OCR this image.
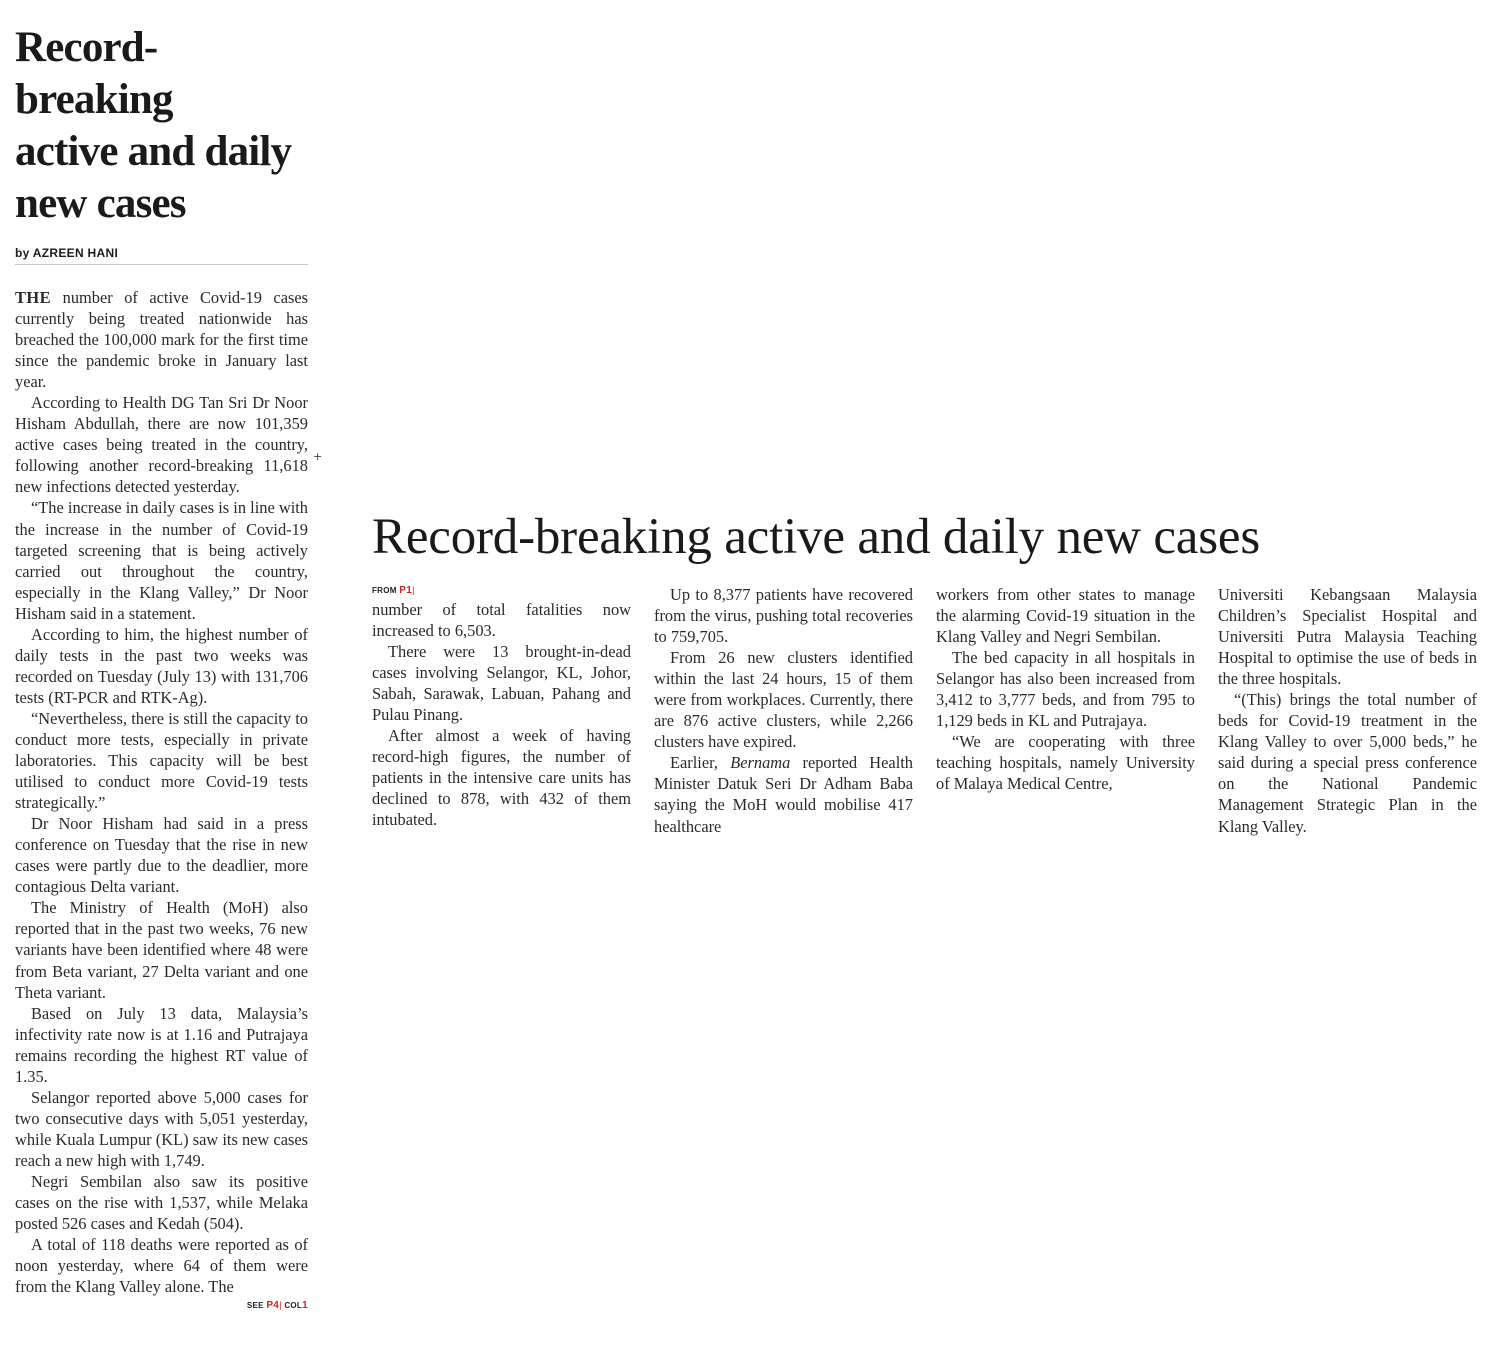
Record-breaking
active and daily
new cases
by AZREEN HANI

THE number of active Covid-19 cases currently being treated nationwide has breached the 100,000 mark for the first time since the pandemic broke in January last year.

According to Health DG Tan Sri Dr Noor Hisham Abdullah, there are now 101,359 active cases being treated in the country, following another record-breaking 11,618 new infections detected yesterday.

“The increase in daily cases is in line with the increase in the number of Covid-19 targeted screening that is being actively carried out throughout the country, especially in the Klang Valley,” Dr Noor Hisham said in a statement.

According to him, the highest number of daily tests in the past two weeks was recorded on Tuesday (July 13) with 131,706 tests (RT-PCR and RTK-Ag).

“Nevertheless, there is still the capacity to conduct more tests, especially in private laboratories. This capacity will be best utilised to conduct more Covid-19 tests strategically.”

Dr Noor Hisham had said in a press conference on Tuesday that the rise in new cases were partly due to the deadlier, more contagious Delta variant.

The Ministry of Health (MoH) also reported that in the past two weeks, 76 new variants have been identified where 48 were from Beta variant, 27 Delta variant and one Theta variant.

Based on July 13 data, Malaysia’s infectivity rate now is at 1.16 and Putrajaya remains recording the highest RT value of 1.35.

Selangor reported above 5,000 cases for two consecutive days with 5,051 yesterday, while Kuala Lumpur (KL) saw its new cases reach a new high with 1,749.

Negri Sembilan also saw its positive cases on the rise with 1,537, while Melaka posted 526 cases and Kedah (504).

A total of 118 deaths were reported as of noon yesterday, where 64 of them were from the Klang Valley alone. The

SEE P4| COL1
+
Record-breaking active and daily new cases
FROM P1|

number of total fatalities now increased to 6,503.

There were 13 brought-in-dead cases involving Selangor, KL, Johor, Sabah, Sarawak, Labuan, Pahang and Pulau Pinang.

After almost a week of having record-high figures, the number of patients in the intensive care units has declined to 878, with 432 of them intubated.

Up to 8,377 patients have recovered from the virus, pushing total recoveries to 759,705.

From 26 new clusters identified within the last 24 hours, 15 of them were from workplaces. Currently, there are 876 active clusters, while 2,266 clusters have expired.

Earlier, Bernama reported Health Minister Datuk Seri Dr Adham Baba saying the MoH would mobilise 417 healthcare

workers from other states to manage the alarming Covid-19 situation in the Klang Valley and Negri Sembilan.

The bed capacity in all hospitals in Selangor has also been increased from 3,412 to 3,777 beds, and from 795 to 1,129 beds in KL and Putrajaya.

“We are cooperating with three teaching hospitals, namely University of Malaya Medical Centre,

Universiti Kebangsaan Malaysia Children’s Specialist Hospital and Universiti Putra Malaysia Teaching Hospital to optimise the use of beds in the three hospitals.

“(This) brings the total number of beds for Covid-19 treatment in the Klang Valley to over 5,000 beds,” he said during a special press conference on the National Pandemic Management Strategic Plan in the Klang Valley.
